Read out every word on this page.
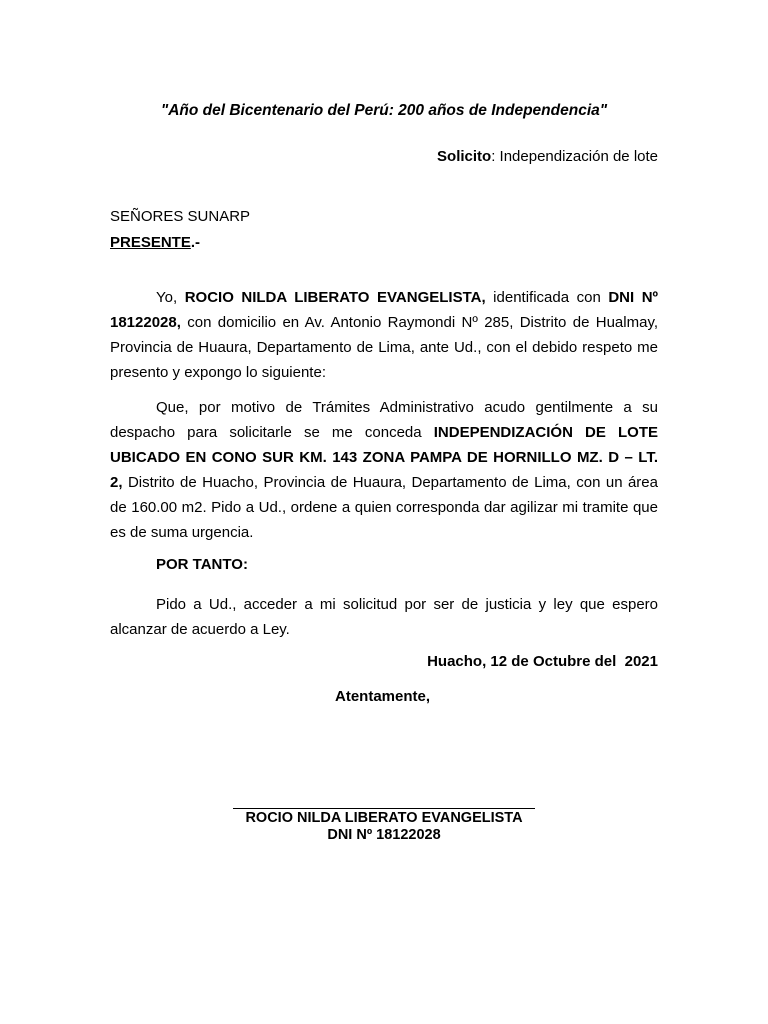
"Año del Bicentenario del Perú: 200 años de Independencia"
Solicito: Independización de lote
SEÑORES SUNARP
PRESENTE.-
Yo, ROCIO NILDA LIBERATO EVANGELISTA, identificada con DNI Nº 18122028, con domicilio en Av. Antonio Raymondi Nº 285, Distrito de Hualmay, Provincia de Huaura, Departamento de Lima, ante Ud., con el debido respeto me presento y expongo lo siguiente:
Que, por motivo de Trámites Administrativo acudo gentilmente a su despacho para solicitarle se me conceda INDEPENDIZACIÓN DE LOTE UBICADO EN CONO SUR KM. 143 ZONA PAMPA DE HORNILLO MZ. D – LT. 2, Distrito de Huacho, Provincia de Huaura, Departamento de Lima, con un área de 160.00 m2. Pido a Ud., ordene a quien corresponda dar agilizar mi tramite que es de suma urgencia.
POR TANTO:
Pido a Ud., acceder a mi solicitud por ser de justicia y ley que espero alcanzar de acuerdo a Ley.
Huacho, 12 de Octubre del  2021
Atentamente,
ROCIO NILDA LIBERATO EVANGELISTA
DNI Nº 18122028
